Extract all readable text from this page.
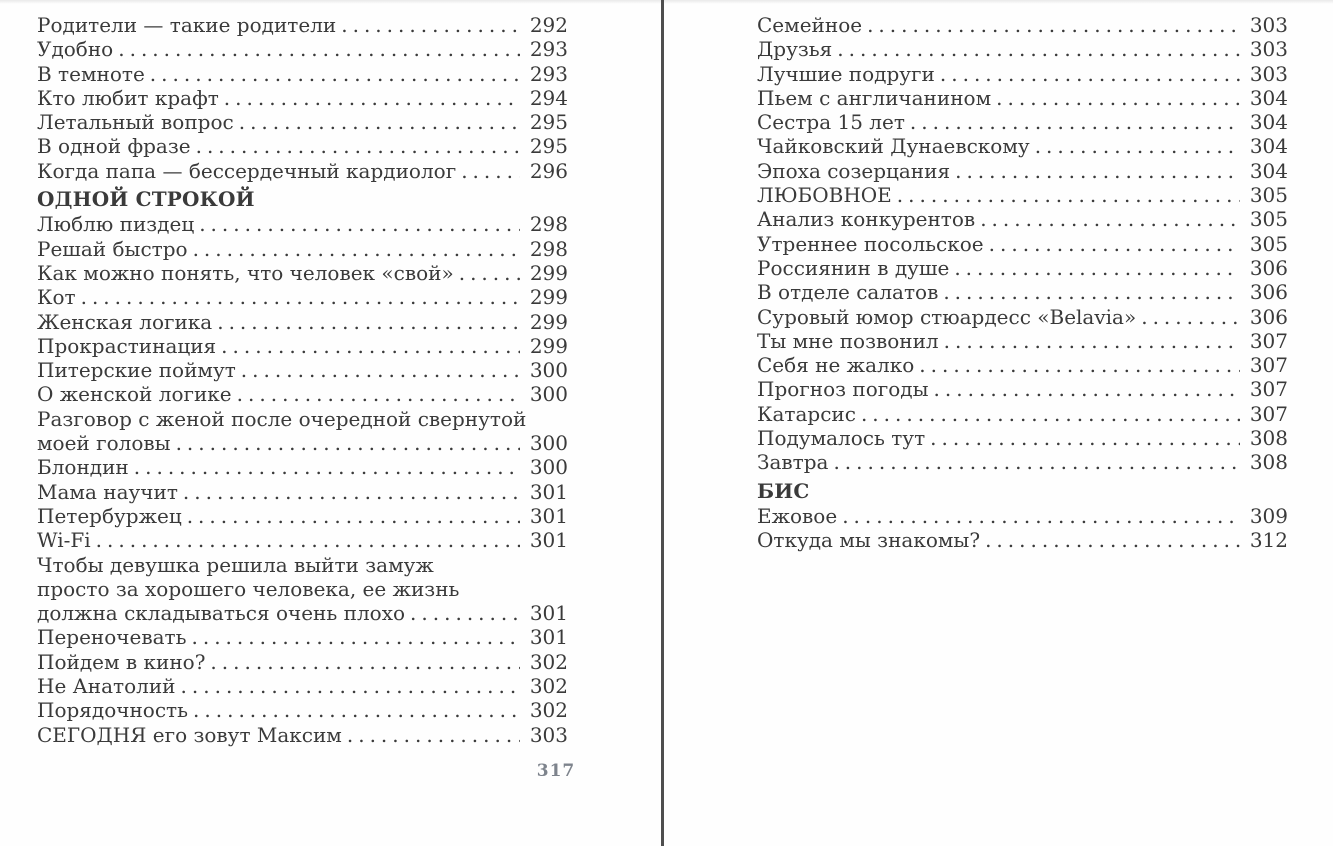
Родители — такие родители .....	292
Удобно .....	293
В темноте .....	293
Кто любит крафт .....	294
Летальный вопрос .....	295
В одной фразе .....	295
Когда папа — бессердечный кардиолог .....	296
ОДНОЙ СТРОКОЙ
Люблю пиздец .....	298
Решай быстро .....	298
Как можно понять, что человек «свой» .....	299
Кот .....	299
Женская логика .....	299
Прокрастинация .....	299
Питерские поймут .....	300
О женской логике .....	300
Разговор с женой после очередной свернутой
моей головы .....	300
Блондин .....	300
Мама научит .....	301
Петербуржец .....	301
Wi-Fi .....	301
Чтобы девушка решила выйти замуж
просто за хорошего человека, ее жизнь
должна складываться очень плохо .....	301
Переночевать .....	301
Пойдем в кино? .....	302
Не Анатолий .....	302
Порядочность .....	302
СЕГОДНЯ его зовут Максим .....	303
Семейное .....	303
Друзья .....	303
Лучшие подруги .....	303
Пьем с англичанином .....	304
Сестра 15 лет .....	304
Чайковский Дунаевскому .....	304
Эпоха созерцания .....	304
ЛЮБОВНОЕ .....	305
Анализ конкурентов .....	305
Утреннее посольское .....	305
Россиянин в душе .....	306
В отделе салатов .....	306
Суровый юмор стюардесс «Belavia» .....	306
Ты мне позвонил .....	307
Себя не жалко .....	307
Прогноз погоды .....	307
Катарсис .....	307
Подумалось тут .....	308
Завтра .....	308
БИС
Ежовое .....	309
Откуда мы знакомы? .....	312
317
